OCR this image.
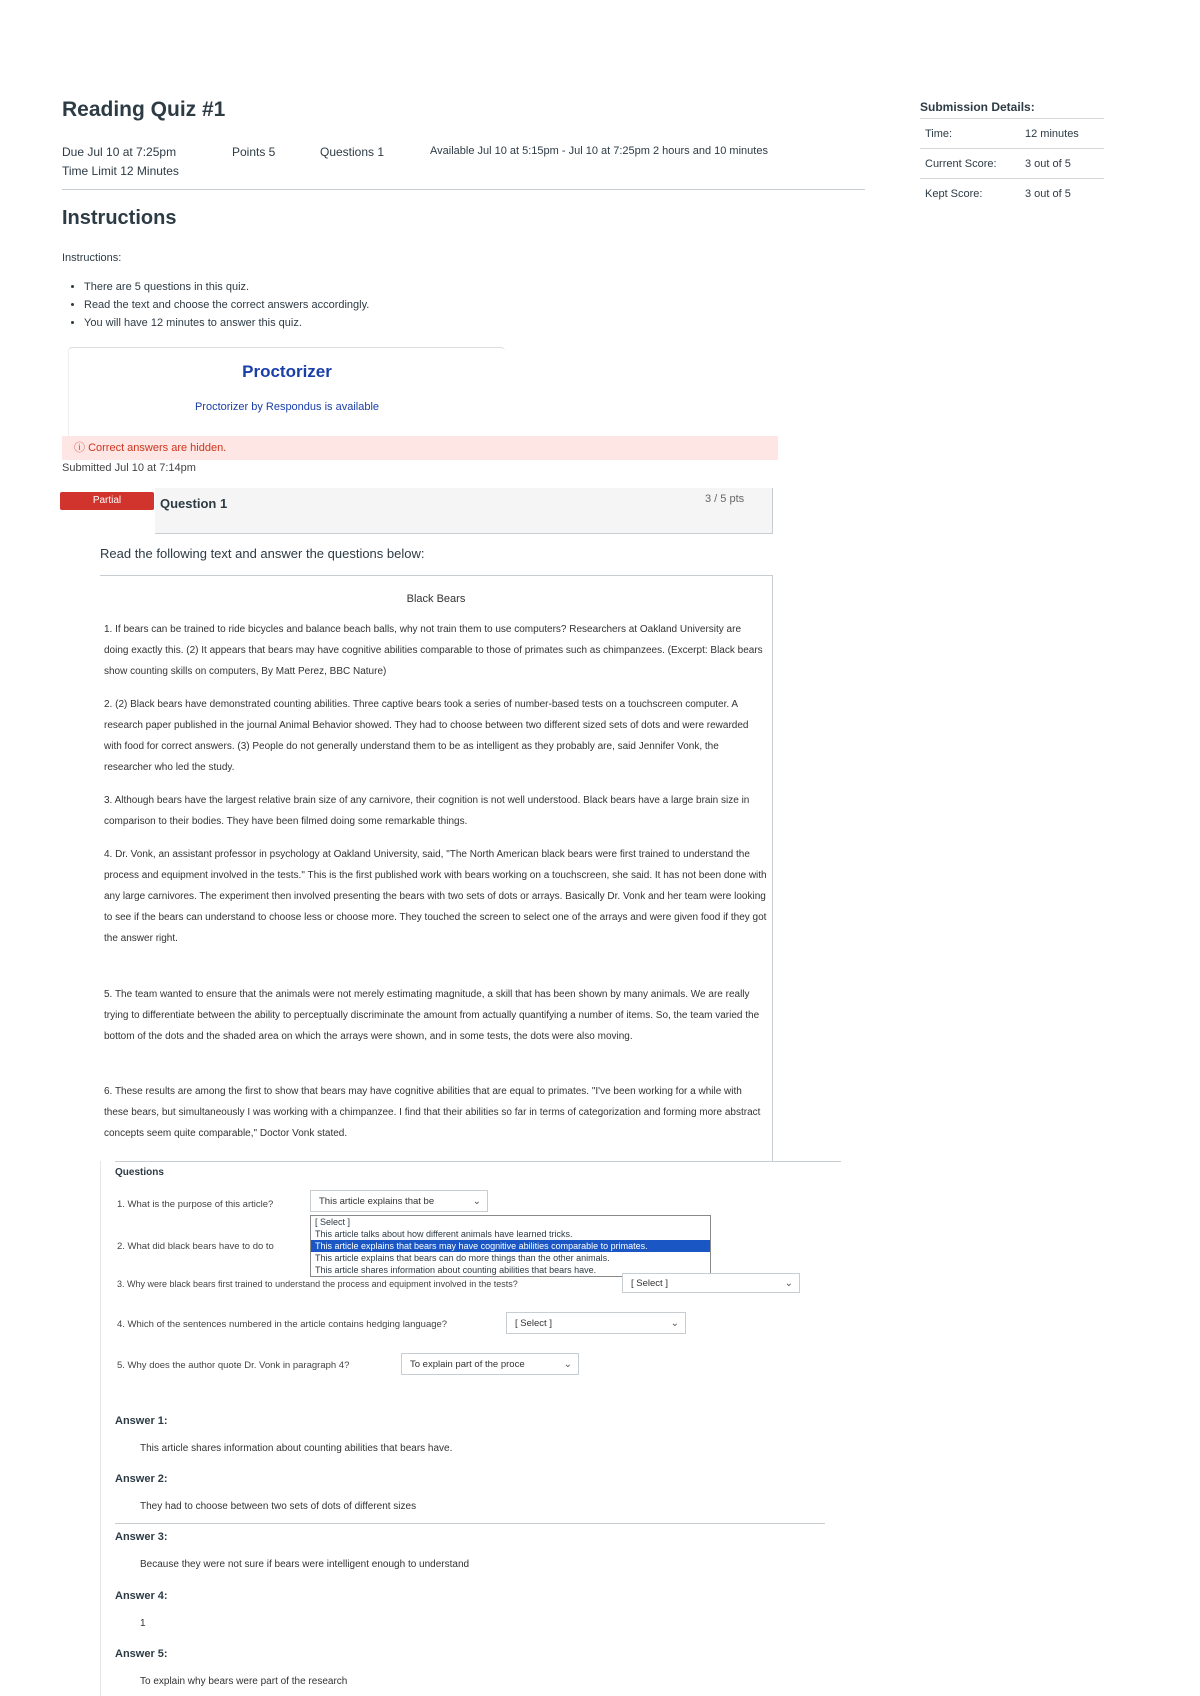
Reading Quiz #1
Due Jul 10 at 7:25pm	Points 5	Questions 1	Available Jul 10 at 5:15pm - Jul 10 at 7:25pm 2 hours and 10 minutes
Time Limit 12 Minutes
Instructions
Instructions:
• There are 5 questions in this quiz.
• Read the text and choose the correct answers accordingly.
• You will have 12 minutes to answer this quiz.
Proctorizer
Proctorizer by Respondus is available
ⓘ Correct answers are hidden.
Submitted Jul 10 at 7:14pm
Partial	Question 1	3 / 5 pts
Read the following text and answer the questions below:
Black Bears
1. If bears can be trained to ride bicycles and balance beach balls, why not train them to use computers? Researchers at Oakland University are doing exactly this. (2) It appears that bears may have cognitive abilities comparable to those of primates such as chimpanzees. (Excerpt: Black bears show counting skills on computers, By Matt Perez, BBC Nature)
2. (2) Black bears have demonstrated counting abilities. Three captive bears took a series of number-based tests on a touchscreen computer. A research paper published in the journal Animal Behavior showed. They had to choose between two different sized sets of dots and were rewarded with food for correct answers. (3) People do not generally understand them to be as intelligent as they probably are, said Jennifer Vonk, the researcher who led the study.
3. Although bears have the largest relative brain size of any carnivore, their cognition is not well understood. Black bears have a large brain size in comparison to their bodies. They have been filmed doing some remarkable things.
4. Dr. Vonk, an assistant professor in psychology at Oakland University, said, "The North American black bears were first trained to understand the process and equipment involved in the tests." This is the first published work with bears working on a touchscreen, she said. It has not been done with any large carnivores. The experiment then involved presenting the bears with two sets of dots or arrays. Basically Dr. Vonk and her team were looking to see if the bears can understand to choose less or choose more. They touched the screen to select one of the arrays and were given food if they got the answer right.
5. The team wanted to ensure that the animals were not merely estimating magnitude, a skill that has been shown by many animals. We are really trying to differentiate between the ability to perceptually discriminate the amount from actually quantifying a number of items. So, the team varied the bottom of the dots and the shaded area on which the arrays were shown, and in some tests, the dots were also moving.
6. These results are among the first to show that bears may have cognitive abilities that are equal to primates. "I've been working for a while with these bears, but simultaneously I was working with a chimpanzee. I find that their abilities so far in terms of categorization and forming more abstract concepts seem quite comparable," Doctor Vonk stated.
Questions
1. What is the purpose of this article?	This article explains that be	⌄
2. What did black bears have to do to
[ Select ]
This article talks about how different animals have learned tricks.
This article explains that bears may have cognitive abilities comparable to primates.
This article explains that bears can do more things than the other animals.
This article shares information about counting abilities that bears have.
3. Why were black bears first trained to understand the process and equipment involved in the tests?	[ Select ]	⌄
4. Which of the sentences numbered in the article contains hedging language?	[ Select ]	⌄
5. Why does the author quote Dr. Vonk in paragraph 4?	To explain part of the proce	⌄
Answer 1:
This article shares information about counting abilities that bears have.
Answer 2:
They had to choose between two sets of dots of different sizes
Answer 3:
Because they were not sure if bears were intelligent enough to understand
Answer 4:
1
Answer 5:
To explain why bears were part of the research
Submission Details:
Time:	12 minutes
Current Score:	3 out of 5
Kept Score:	3 out of 5
